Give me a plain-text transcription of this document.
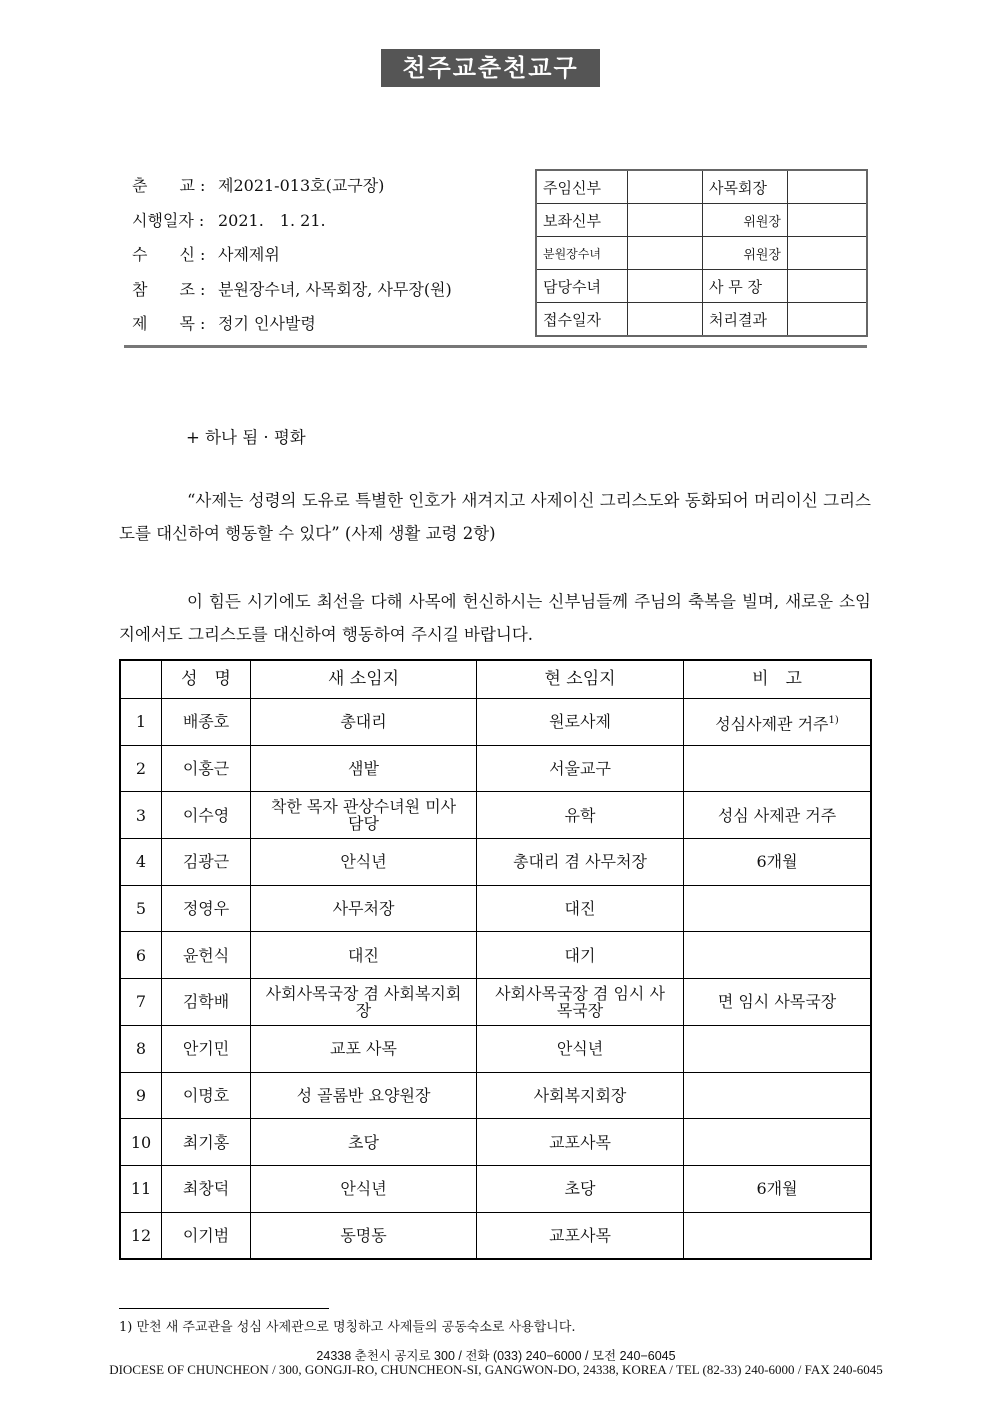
천주교춘천교구
춘　　교 : 제2021-013호(교구장)
시행일자 : 2021.　1. 21.
수　　신 : 사제제위
참　　조 : 분원장수녀, 사목회장, 사무장(원)
제　　목 : 정기 인사발령
주임신부		사목회장	
보좌신부		위원장	
분원장수녀		위원장	
담당수녀		사 무 장	
접수일자		처리결과	
+ 하나 됨 · 평화
“사제는 성령의 도유로 특별한 인호가 새겨지고 사제이신 그리스도와 동화되어 머리이신 그리스도를 대신하여 행동할 수 있다” (사제 생활 교령 2항)
이 힘든 시기에도 최선을 다해 사목에 헌신하시는 신부님들께 주님의 축복을 빌며, 새로운 소임지에서도 그리스도를 대신하여 행동하여 주시길 바랍니다.
	성　명	새 소임지	현 소임지	비　고
1	배종호	총대리	원로사제	성심사제관 거주$^{1)}$
2	이홍근	샘밭	서울교구	
3	이수영	착한 목자 관상수녀원 미사 담당	유학	성심 사제관 거주
4	김광근	안식년	총대리 겸 사무처장	6개월
5	정영우	사무처장	대진	
6	윤헌식	대진	대기	
7	김학배	사회사목국장 겸 사회복지회장	사회사목국장 겸 임시 사목국장	면 임시 사목국장
8	안기민	교포 사목	안식년	
9	이명호	성 골롬반 요양원장	사회복지회장	
10	최기홍	초당	교포사목	
11	최창덕	안식년	초당	6개월
12	이기범	동명동	교포사목	
1) 만천 새 주교관을 성심 사제관으로 명칭하고 사제들의 공동숙소로 사용합니다.
24338 춘천시 공지로 300 / 전화 (033) 240−6000 / 모전 240−6045
DIOCESE OF CHUNCHEON / 300, GONGJI-RO, CHUNCHEON-SI, GANGWON-DO, 24338, KOREA / TEL (82-33) 240-6000 / FAX 240-6045
